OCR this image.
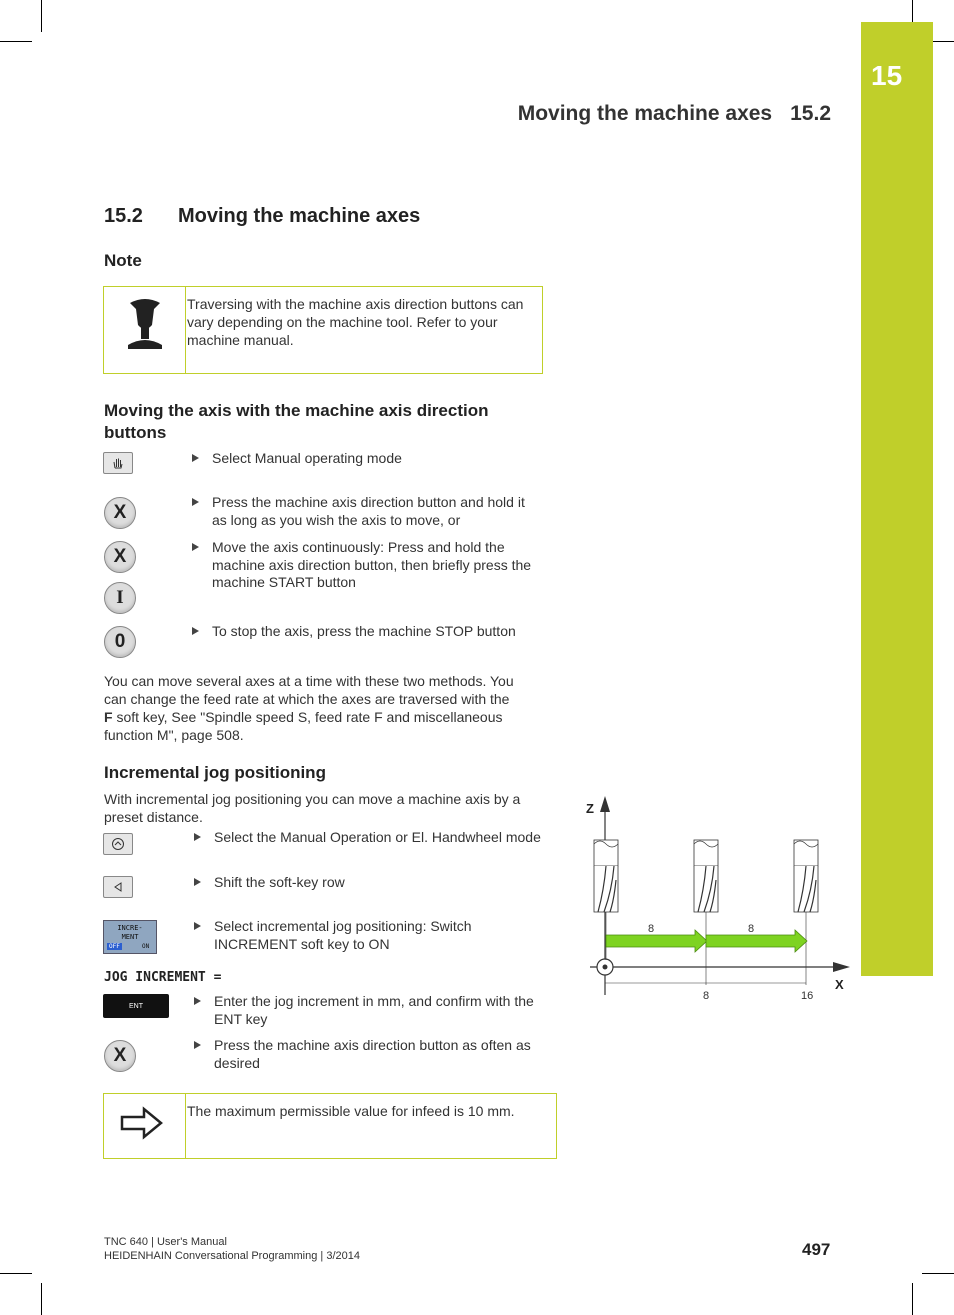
15
Moving the machine axes 15.2
15.2 Moving the machine axes
Note
Traversing with the machine axis direction buttons can vary depending on the machine tool. Refer to your machine manual.
Moving the axis with the machine axis direction buttons
Select Manual operating mode
X	Press the machine axis direction button and hold it as long as you wish the axis to move, or
X	Move the axis continuously: Press and hold the machine axis direction button, then briefly press the machine START button
I
0	To stop the axis, press the machine STOP button
You can move several axes at a time with these two methods. You
can change the feed rate at which the axes are traversed with the
F soft key, See "Spindle speed S, feed rate F and miscellaneous
function M", page 508.
Incremental jog positioning
With incremental jog positioning you can move a machine axis by a preset distance.
Select the Manual Operation or El. Handwheel mode
Shift the soft-key row
INCRE-
MENT
OFF	ON
Select incremental jog positioning: Switch INCREMENT soft key to ON
JOG INCREMENT =
ENT	Enter the jog increment in mm, and confirm with the ENT key
X	Press the machine axis direction button as often as desired
The maximum permissible value for infeed is 10 mm.
Z
X
8	8
8	16
TNC 640 | User's Manual
HEIDENHAIN Conversational Programming | 3/2014	497
